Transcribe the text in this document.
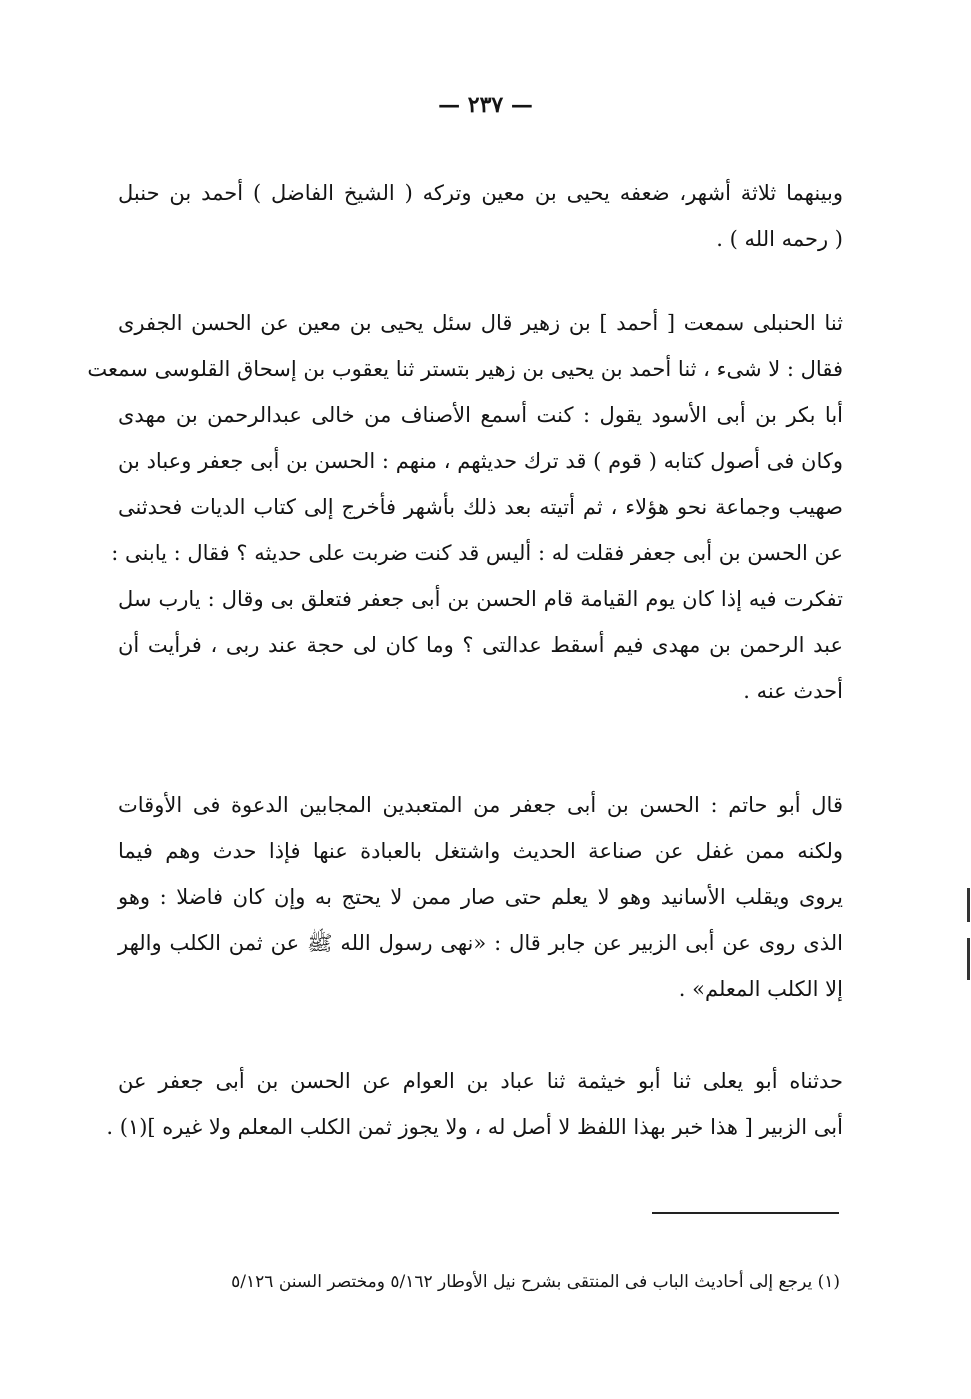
— ٢٣٧ —
وبينهما ثلاثة أشهر، ضعفه يحيى بن معين وتركه ( الشيخ الفاضل ) أحمد بن حنبل
( رحمه الله ) .
ثنا الحنبلى سمعت [ أحمد ] بن زهير قال سئل يحيى بن معين عن الحسن الجفرى
فقال : لا شىء ، ثنا أحمد بن يحيى بن زهير بتستر ثنا يعقوب بن إسحاق القلوسى سمعت
أبا بكر بن أبى الأسود يقول : كنت أسمع الأصناف من خالى عبدالرحمن بن مهدى
وكان فى أصول كتابه ( قوم ) قد ترك حديثهم ، منهم : الحسن بن أبى جعفر وعباد بن
صهيب وجماعة نحو هؤلاء ، ثم أتيته بعد ذلك بأشهر فأخرج إلى كتاب الديات فحدثنى
عن الحسن بن أبى جعفر فقلت له : أليس قد كنت ضربت على حديثه ؟ فقال : يابنى :
تفكرت فيه إذا كان يوم القيامة قام الحسن بن أبى جعفر فتعلق بى وقال : يارب سل
عبد الرحمن بن مهدى فيم أسقط عدالتى ؟ وما كان لى حجة عند ربى ، فرأيت أن
أحدث عنه .
قال أبو حاتم : الحسن بن أبى جعفر من المتعبدين المجابين الدعوة فى الأوقات
ولكنه ممن غفل عن صناعة الحديث واشتغل بالعبادة عنها فإذا حدث وهم فيما
يروى ويقلب الأسانيد وهو لا يعلم حتى صار ممن لا يحتج به وإن كان فاضلا : وهو
الذى روى عن أبى الزبير عن جابر قال : «نهى رسول الله ﷺ عن ثمن الكلب والهر
إلا الكلب المعلم» .
حدثناه أبو يعلى ثنا أبو خيثمة ثنا عباد بن العوام عن الحسن بن أبى جعفر عن
أبى الزبير [ هذا خبر بهذا اللفظ لا أصل له ، ولا يجوز ثمن الكلب المعلم ولا غيره ](١) .
(١) يرجع إلى أحاديث الباب فى المنتقى بشرح نيل الأوطار ٥/١٦٢ ومختصر السنن ٥/١٢٦
